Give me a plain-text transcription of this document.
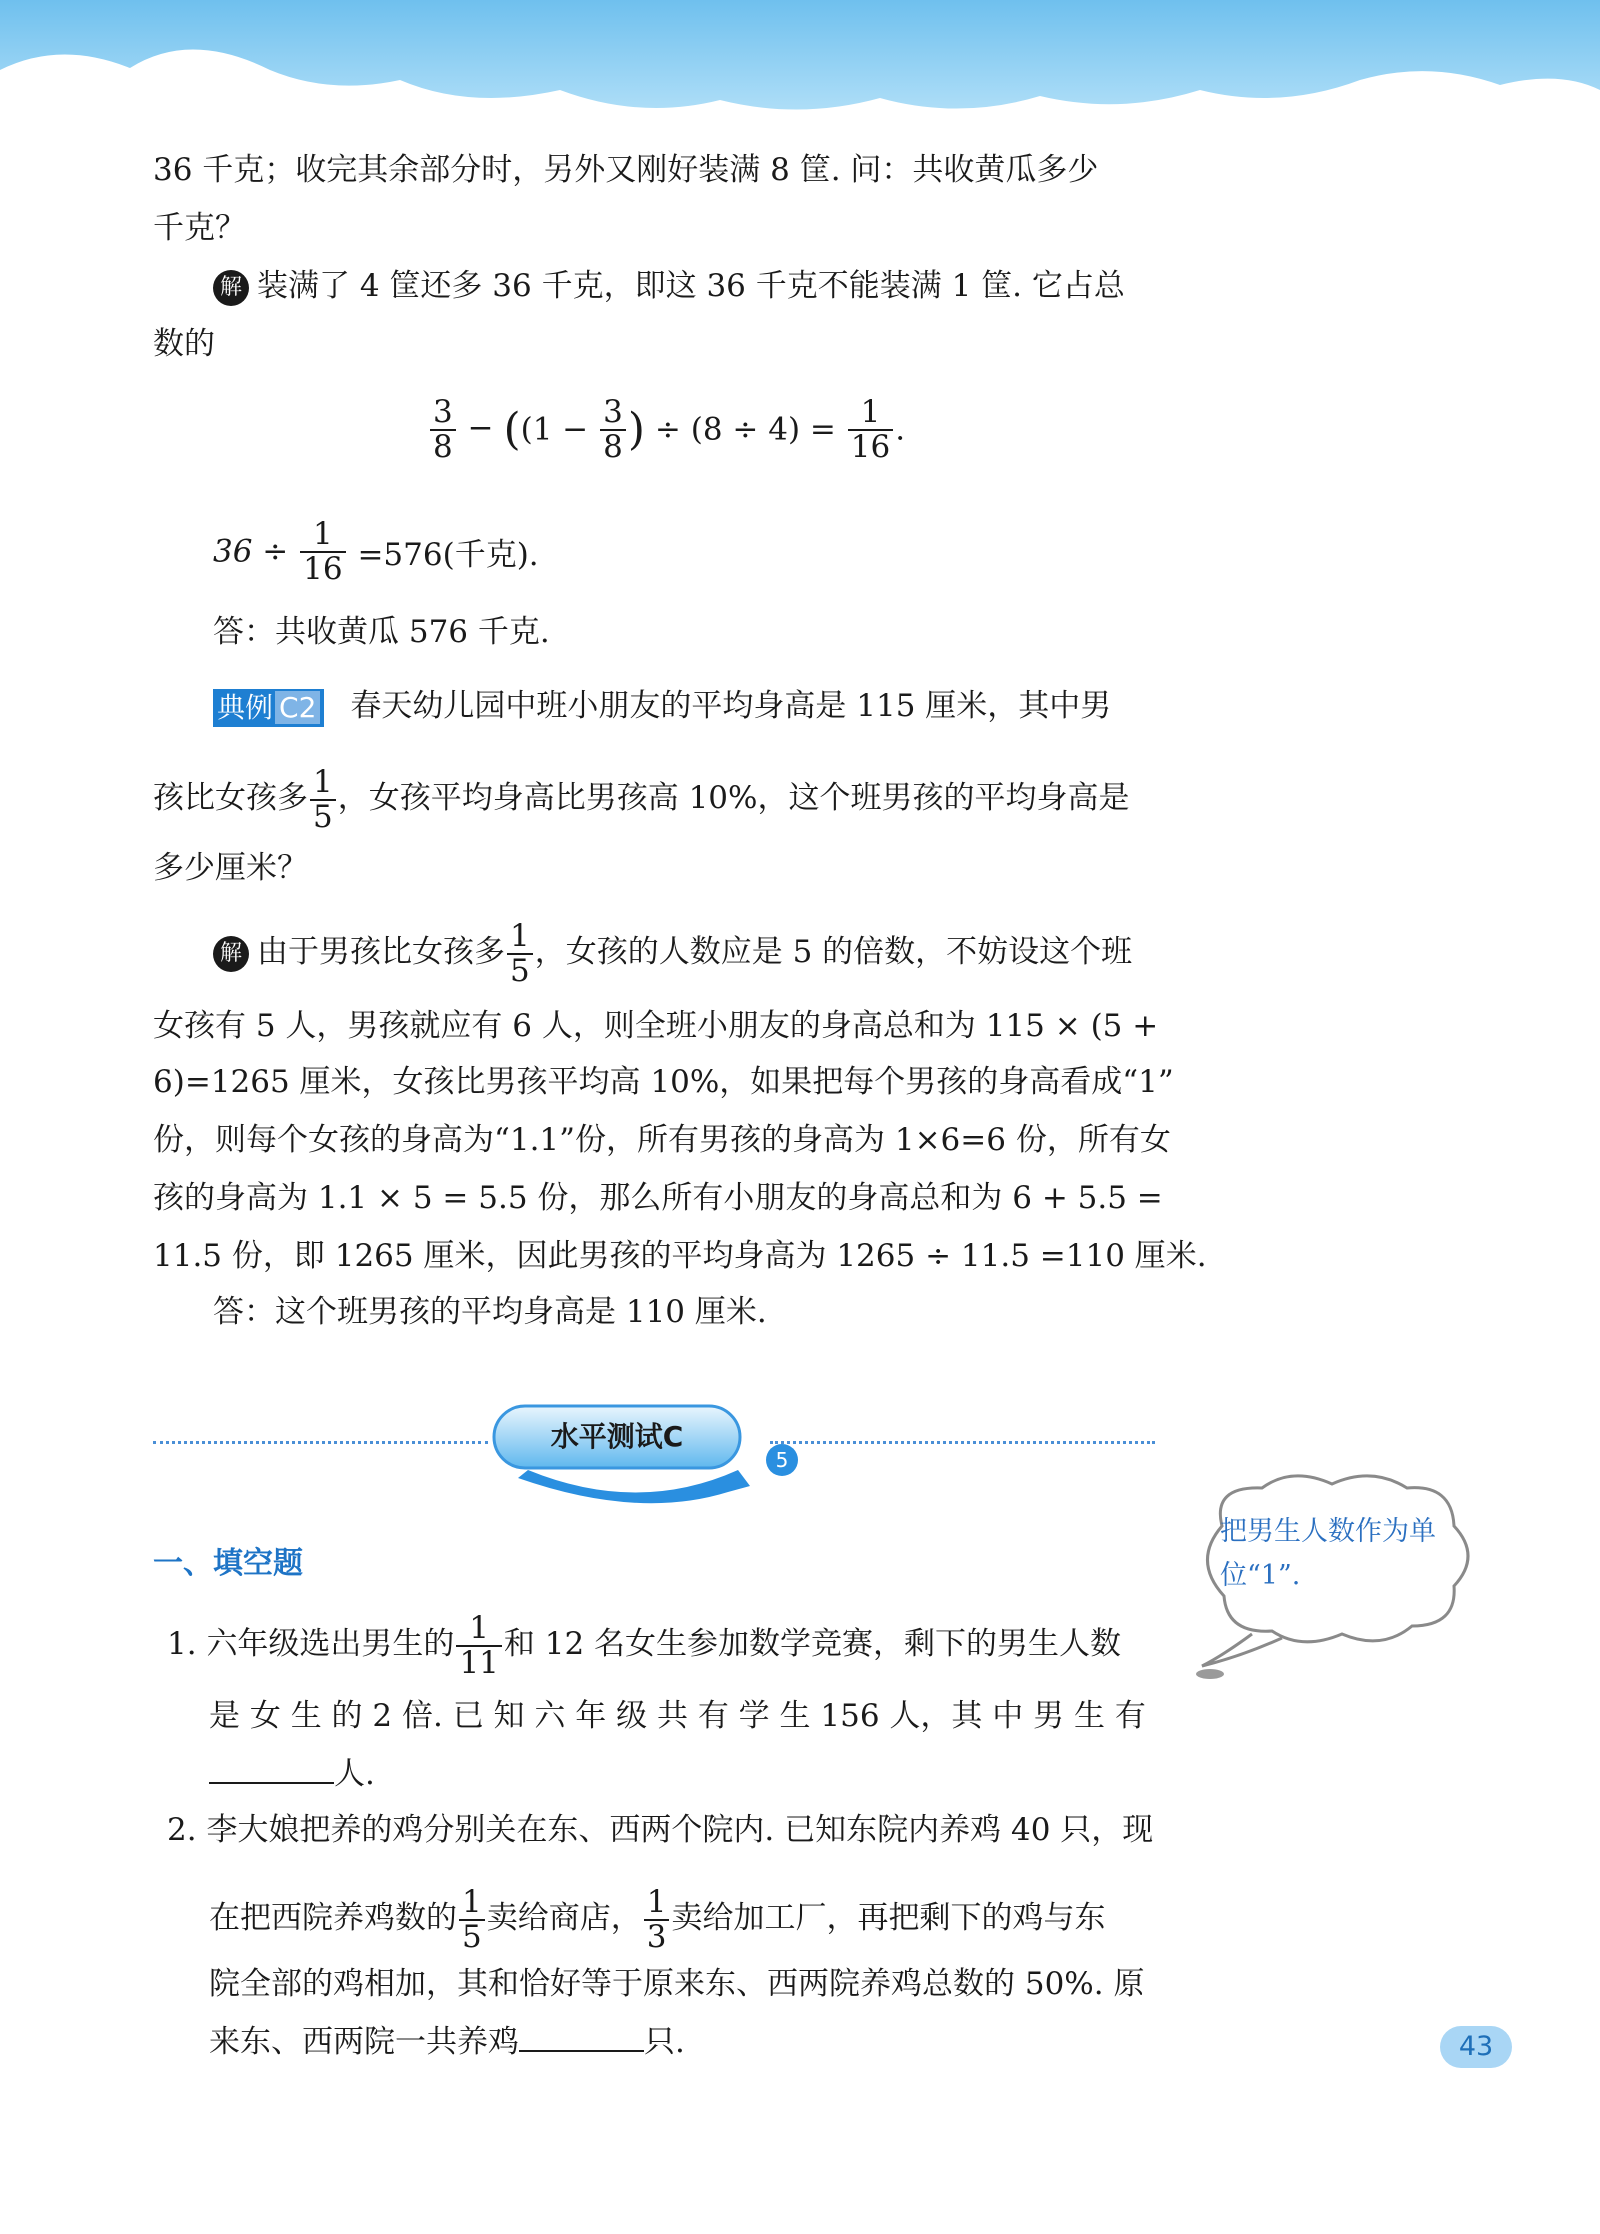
36 千克；收完其余部分时，另外又刚好装满 8 筐. 问：共收黄瓜多少
千克？
解 装满了 4 筐还多 36 千克，即这 36 千克不能装满 1 筐. 它占总
数的
$\frac{3}{8} - ((1 - \frac{3}{8}$ ) ÷ $(8 \div 4) = \frac{1}{16}$ .
$36 \div \frac{1}{16} =576$(千克).
答：共收黄瓜 576 千克.
典例 C2 春天幼儿园中班小朋友的平均身高是 115 厘米，其中男
孩比女孩多 $\frac{1}{5}$ ，女孩平均身高比男孩高 10%，这个班男孩的平均身高是
多少厘米？
解 由于男孩比女孩多 $\frac{1}{5}$ ，女孩的人数应是 5 的倍数，不妨设这个班
女孩有 5 人，男孩就应有 6 人，则全班小朋友的身高总和为 115 × (5 +
6)=1265 厘米，女孩比男孩平均高 10%，如果把每个男孩的身高看成“1”
份，则每个女孩的身高为“1.1”份，所有男孩的身高为 1×6=6 份，所有女
孩的身高为 1.1 × 5 = 5.5 份，那么所有小朋友的身高总和为 6 + 5.5 =
11.5 份，即 1265 厘米，因此男孩的平均身高为 1265 ÷ 11.5 =110 厘米.
答：这个班男孩的平均身高是 110 厘米.
水平测试C
5
一、填空题
1. 六年级选出男生的 $\frac{1}{11}$ 和 12 名女生参加数学竞赛，剩下的男生人数
是 女 生 的 2 倍. 已 知 六 年 级 共 有 学 生 156 人，其 中 男 生 有
人.
2. 李大娘把养的鸡分别关在东、西两个院内. 已知东院内养鸡 40 只，现
在把西院养鸡数的 $\frac{1}{5}$ 卖给商店， $\frac{1}{3}$ 卖给加工厂，再把剩下的鸡与东
院全部的鸡相加，其和恰好等于原来东、西两院养鸡总数的 50%. 原
来东、西两院一共养鸡	只.
把男生人数作为单位“1”.
43
